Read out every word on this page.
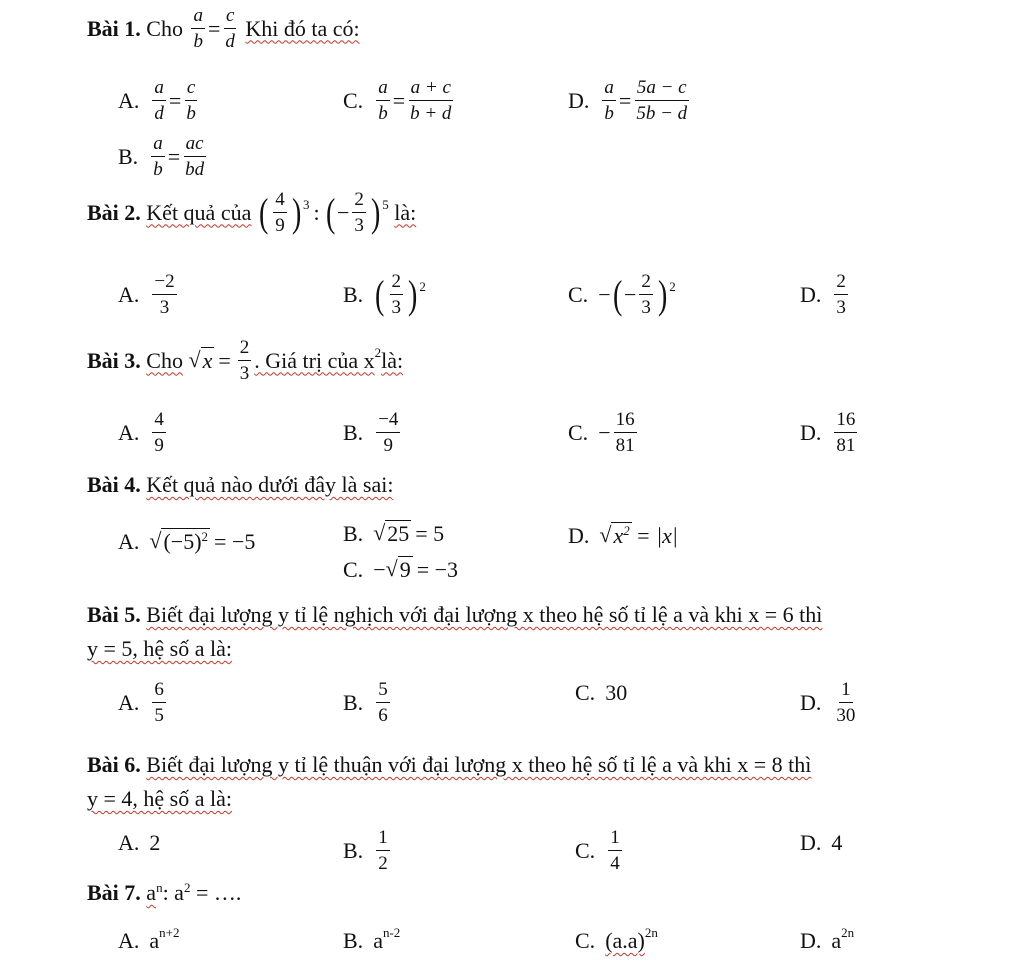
Bài 1.
Cho
$\frac{a}{b} = \frac{c}{d}$
Khi đó ta có:
A. $\frac{a}{d} = \frac{c}{b}$	C. $\frac{a}{b} = \frac{a + c}{b + d}$	D. $\frac{a}{b} = \frac{5a - c}{5b - d}$
B. $\frac{a}{b} = \frac{ac}{bd}$
Bài 2.
Kết quả của
( $\frac{4}{9} )^3$ : ( − $\frac{2}{3} )^5$
là:
A. $\frac{-2}{3}$	B. ( $\frac{2}{3} )^2$	C. − ( − $\frac{2}{3} )^2$	D. $\frac{2}{3}$
Bài 3.
Cho
√ $x = \frac{2}{3}$ . Giá trị của $x^2$ là:
A. $\frac{4}{9}$	B. $\frac{-4}{9}$	C. − $\frac{16}{81}$	D. $\frac{16}{81}$
Bài 4. Kết quả nào dưới đây là sai:
A. √ $(-5)^2 = -5$	B. √ 25 = 5
C. − √ 9 = −3
D. √ $x^2 = |x|$
Bài 5. Biết đại lượng y tỉ lệ nghịch với đại lượng x theo hệ số tỉ lệ a và khi x = 6 thì
y = 5, hệ số a là:
A. $\frac{6}{5}$	B. $\frac{5}{6}$	C. 30	D. $\frac{1}{30}$
Bài 6. Biết đại lượng y tỉ lệ thuận với đại lượng x theo hệ số tỉ lệ a và khi x = 8 thì
y = 4, hệ số a là:
A. 2	B. $\frac{1}{2}$	C. $\frac{1}{4}$	D. 4
Bài 7. $a^n$: $a^2$ = ….
A. $a^{n+2}$	B. $a^{n-2}$	C. $(a.a)^{2n}$	D. $a^{2n}$
